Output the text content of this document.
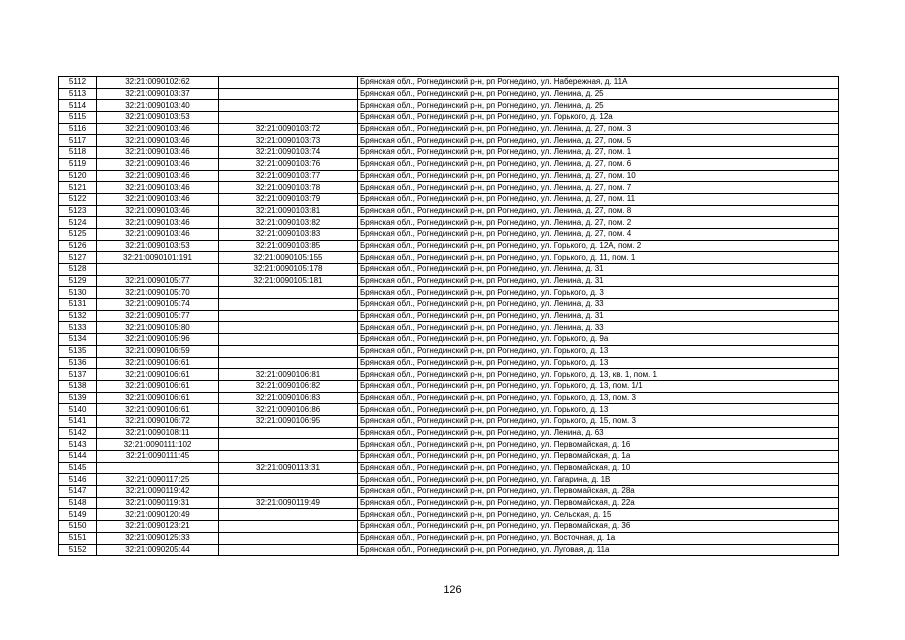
5112	32:21:0090102:62		Брянская обл., Рогнединский р-н, рп Рогнедино, ул. Набережная, д. 11А
5113	32:21:0090103:37		Брянская обл., Рогнединский р-н, рп Рогнедино, ул. Ленина, д. 25
5114	32:21:0090103:40		Брянская обл., Рогнединский р-н, рп Рогнедино, ул. Ленина, д. 25
5115	32:21:0090103:53		Брянская обл., Рогнединский р-н, рп Рогнедино, ул. Горького, д. 12а
5116	32:21:0090103:46	32:21:0090103:72	Брянская обл., Рогнединский р-н, рп Рогнедино, ул. Ленина, д. 27, пом. 3
5117	32:21:0090103:46	32:21:0090103:73	Брянская обл., Рогнединский р-н, рп Рогнедино, ул. Ленина, д. 27, пом. 5
5118	32:21:0090103:46	32:21:0090103:74	Брянская обл., Рогнединский р-н, рп Рогнедино, ул. Ленина, д. 27, пом. 1
5119	32:21:0090103:46	32:21:0090103:76	Брянская обл., Рогнединский р-н, рп Рогнедино, ул. Ленина, д. 27, пом. 6
5120	32:21:0090103:46	32:21:0090103:77	Брянская обл., Рогнединский р-н, рп Рогнедино, ул. Ленина, д. 27, пом. 10
5121	32:21:0090103:46	32:21:0090103:78	Брянская обл., Рогнединский р-н, рп Рогнедино, ул. Ленина, д. 27, пом. 7
5122	32:21:0090103:46	32:21:0090103:79	Брянская обл., Рогнединский р-н, рп Рогнедино, ул. Ленина, д. 27, пом. 11
5123	32:21:0090103:46	32:21:0090103:81	Брянская обл., Рогнединский р-н, рп Рогнедино, ул. Ленина, д. 27, пом. 8
5124	32:21:0090103:46	32:21:0090103:82	Брянская обл., Рогнединский р-н, рп Рогнедино, ул. Ленина, д. 27, пом. 2
5125	32:21:0090103:46	32:21:0090103:83	Брянская обл., Рогнединский р-н, рп Рогнедино, ул. Ленина, д. 27, пом. 4
5126	32:21:0090103:53	32:21:0090103:85	Брянская обл., Рогнединский р-н, рп Рогнедино, ул. Горького, д. 12А, пом. 2
5127	32:21:0090101:191	32:21:0090105:155	Брянская обл., Рогнединский р-н, рп Рогнедино, ул. Горького, д. 11, пом. 1
5128		32:21:0090105:178	Брянская обл., Рогнединский р-н, рп Рогнедино, ул. Ленина, д. 31
5129	32:21:0090105:77	32:21:0090105:181	Брянская обл., Рогнединский р-н, рп Рогнедино, ул. Ленина, д. 31
5130	32:21:0090105:70		Брянская обл., Рогнединский р-н, рп Рогнедино, ул. Горького, д. 3
5131	32:21:0090105:74		Брянская обл., Рогнединский р-н, рп Рогнедино, ул. Ленина, д. 33
5132	32:21:0090105:77		Брянская обл., Рогнединский р-н, рп Рогнедино, ул. Ленина, д. 31
5133	32:21:0090105:80		Брянская обл., Рогнединский р-н, рп Рогнедино, ул. Ленина, д. 33
5134	32:21:0090105:96		Брянская обл., Рогнединский р-н, рп Рогнедино, ул. Горького, д. 9а
5135	32:21:0090106:59		Брянская обл., Рогнединский р-н, рп Рогнедино, ул. Горького, д. 13
5136	32:21:0090106:61		Брянская обл., Рогнединский р-н, рп Рогнедино, ул. Горького, д. 13
5137	32:21:0090106:61	32:21:0090106:81	Брянская обл., Рогнединский р-н, рп Рогнедино, ул. Горького, д. 13, кв. 1, пом. 1
5138	32:21:0090106:61	32:21:0090106:82	Брянская обл., Рогнединский р-н, рп Рогнедино, ул. Горького, д. 13, пом. 1/1
5139	32:21:0090106:61	32:21:0090106:83	Брянская обл., Рогнединский р-н, рп Рогнедино, ул. Горького, д. 13, пом. 3
5140	32:21:0090106:61	32:21:0090106:86	Брянская обл., Рогнединский р-н, рп Рогнедино, ул. Горького, д. 13
5141	32:21:0090106:72	32:21:0090106:95	Брянская обл., Рогнединский р-н, рп Рогнедино, ул. Горького, д. 15, пом. 3
5142	32:21:0090108:11		Брянская обл., Рогнединский р-н, рп Рогнедино, ул. Ленина, д. 63
5143	32:21:0090111:102		Брянская обл., Рогнединский р-н, рп Рогнедино, ул. Первомайская, д. 16
5144	32:21:0090111:45		Брянская обл., Рогнединский р-н, рп Рогнедино, ул. Первомайская, д. 1а
5145		32:21:0090113:31	Брянская обл., Рогнединский р-н, рп Рогнедино, ул. Первомайская, д. 10
5146	32:21:0090117:25		Брянская обл., Рогнединский р-н, рп Рогнедино, ул. Гагарина, д. 1В
5147	32:21:0090119:42		Брянская обл., Рогнединский р-н, рп Рогнедино, ул. Первомайская, д. 28а
5148	32:21:0090119:31	32:21:0090119:49	Брянская обл., Рогнединский р-н, рп Рогнедино, ул. Первомайская, д. 22а
5149	32:21:0090120:49		Брянская обл., Рогнединский р-н, рп Рогнедино, ул. Сельская, д. 15
5150	32:21:0090123:21		Брянская обл., Рогнединский р-н, рп Рогнедино, ул. Первомайская, д. 36
5151	32:21:0090125:33		Брянская обл., Рогнединский р-н, рп Рогнедино, ул. Восточная, д. 1а
5152	32:21:0090205:44		Брянская обл., Рогнединский р-н, рп Рогнедино, ул. Луговая, д. 11а
126
